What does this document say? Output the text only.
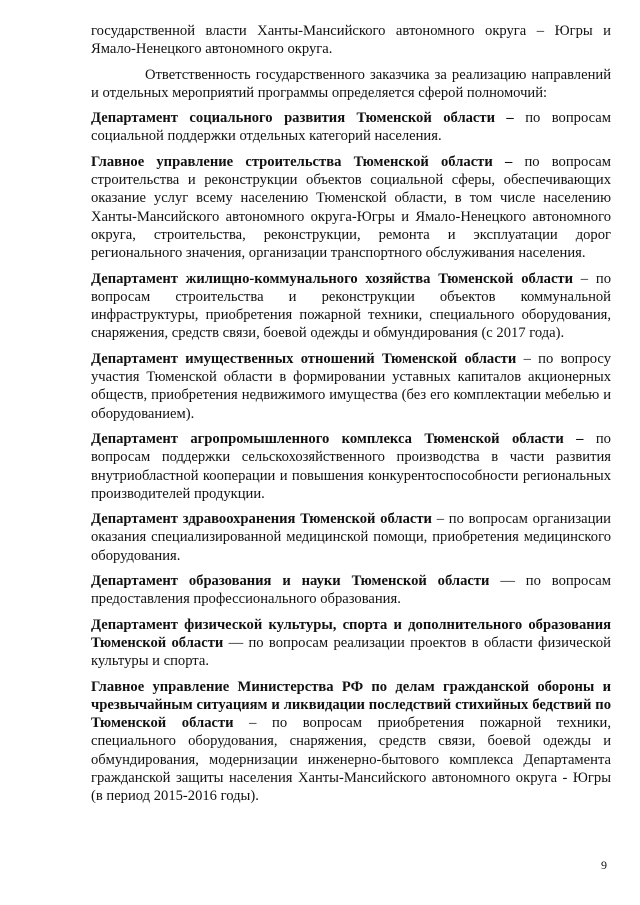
государственной власти Ханты-Мансийского автономного округа – Югры и Ямало-Ненецкого автономного округа.

Ответственность государственного заказчика за реализацию направлений и отдельных мероприятий программы определяется сферой полномочий:

Департамент социального развития Тюменской области – по вопросам социальной поддержки отдельных категорий населения.

Главное управление строительства Тюменской области – по вопросам строительства и реконструкции объектов социальной сферы, обеспечивающих оказание услуг всему населению Тюменской области, в том числе населению Ханты-Мансийского автономного округа-Югры и Ямало-Ненецкого автономного округа, строительства, реконструкции, ремонта и эксплуатации дорог регионального значения, организации транспортного обслуживания населения.

Департамент жилищно-коммунального хозяйства Тюменской области – по вопросам строительства и реконструкции объектов коммунальной инфраструктуры, приобретения пожарной техники, специального оборудования, снаряжения, средств связи, боевой одежды и обмундирования (с 2017 года).

Департамент имущественных отношений Тюменской области – по вопросу участия Тюменской области в формировании уставных капиталов акционерных обществ, приобретения недвижимого имущества (без его комплектации мебелью и оборудованием).

Департамент агропромышленного комплекса Тюменской области – по вопросам поддержки сельскохозяйственного производства в части развития внутриобластной кооперации и повышения конкурентоспособности региональных производителей продукции.

Департамент здравоохранения Тюменской области – по вопросам организации оказания специализированной медицинской помощи, приобретения медицинского оборудования.

Департамент образования и науки Тюменской области — по вопросам предоставления профессионального образования.

Департамент физической культуры, спорта и дополнительного образования Тюменской области — по вопросам реализации проектов в области физической культуры и спорта.

Главное управление Министерства РФ по делам гражданской обороны и чрезвычайным ситуациям и ликвидации последствий стихийных бедствий по Тюменской области – по вопросам приобретения пожарной техники, специального оборудования, снаряжения, средств связи, боевой одежды и обмундирования, модернизации инженерно-бытового комплекса Департамента гражданской защиты населения Ханты-Мансийского автономного округа - Югры (в период 2015-2016 годы).

9
